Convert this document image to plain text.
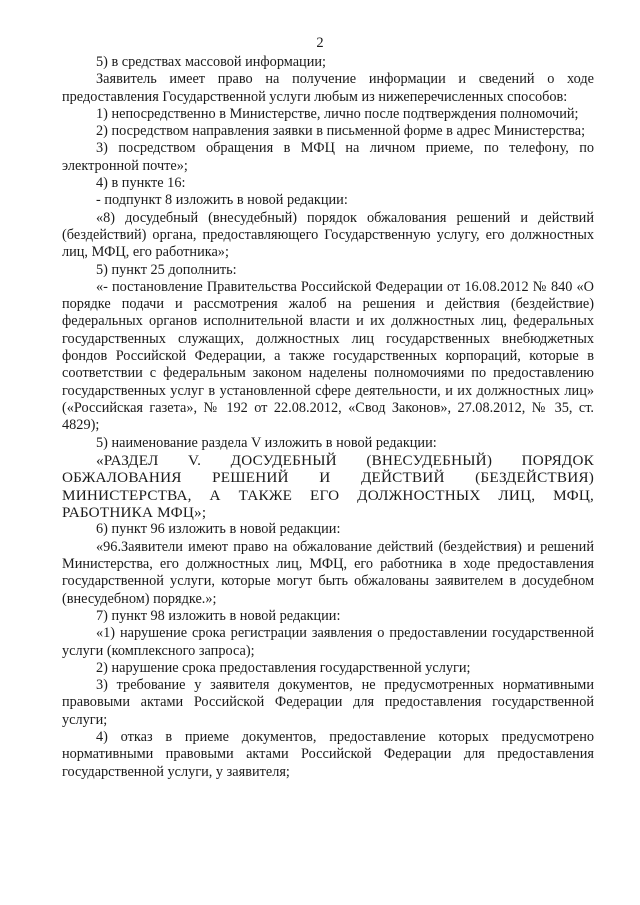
2

5) в средствах массовой информации;

Заявитель имеет право на получение информации и сведений о ходе предоставления Государственной услуги любым из нижеперечисленных способов:

1) непосредственно в Министерстве, лично после подтверждения полномочий;

2) посредством направления заявки в письменной форме в адрес Министерства;

3) посредством обращения в МФЦ на личном приеме, по телефону, по электронной почте»;

4) в пункте 16:

- подпункт 8 изложить в новой редакции:

«8) досудебный (внесудебный) порядок обжалования решений и действий (бездействий) органа, предоставляющего Государственную услугу, его должностных лиц, МФЦ, его работника»;

5) пункт 25 дополнить:

«- постановление Правительства Российской Федерации от 16.08.2012 № 840 «О порядке подачи и рассмотрения жалоб на решения и действия (бездействие) федеральных органов исполнительной власти и их должностных лиц, федеральных государственных служащих, должностных лиц государственных внебюджетных фондов Российской Федерации, а также государственных корпораций, которые в соответствии с федеральным законом наделены полномочиями по предоставлению государственных услуг в установленной сфере деятельности, и их должностных лиц» («Российская газета», № 192 от 22.08.2012, «Свод Законов», 27.08.2012, № 35, ст. 4829);

5) наименование раздела V изложить в новой редакции:

«РАЗДЕЛ V. ДОСУДЕБНЫЙ (ВНЕСУДЕБНЫЙ) ПОРЯДОК ОБЖАЛОВАНИЯ РЕШЕНИЙ И ДЕЙСТВИЙ (БЕЗДЕЙСТВИЯ) МИНИСТЕРСТВА, А ТАКЖЕ ЕГО ДОЛЖНОСТНЫХ ЛИЦ, МФЦ, РАБОТНИКА МФЦ»;

6) пункт 96 изложить в новой редакции:

«96.Заявители имеют право на обжалование действий (бездействия) и решений Министерства, его должностных лиц, МФЦ, его работника в ходе предоставления государственной услуги, которые могут быть обжалованы заявителем в досудебном (внесудебном) порядке.»;

7) пункт 98 изложить в новой редакции:

«1) нарушение срока регистрации заявления о предоставлении государственной услуги (комплексного запроса);

2) нарушение срока предоставления государственной услуги;

3) требование у заявителя документов, не предусмотренных нормативными правовыми актами Российской Федерации для предоставления государственной услуги;

4) отказ в приеме документов, предоставление которых предусмотрено нормативными правовыми актами Российской Федерации для предоставления государственной услуги, у заявителя;
